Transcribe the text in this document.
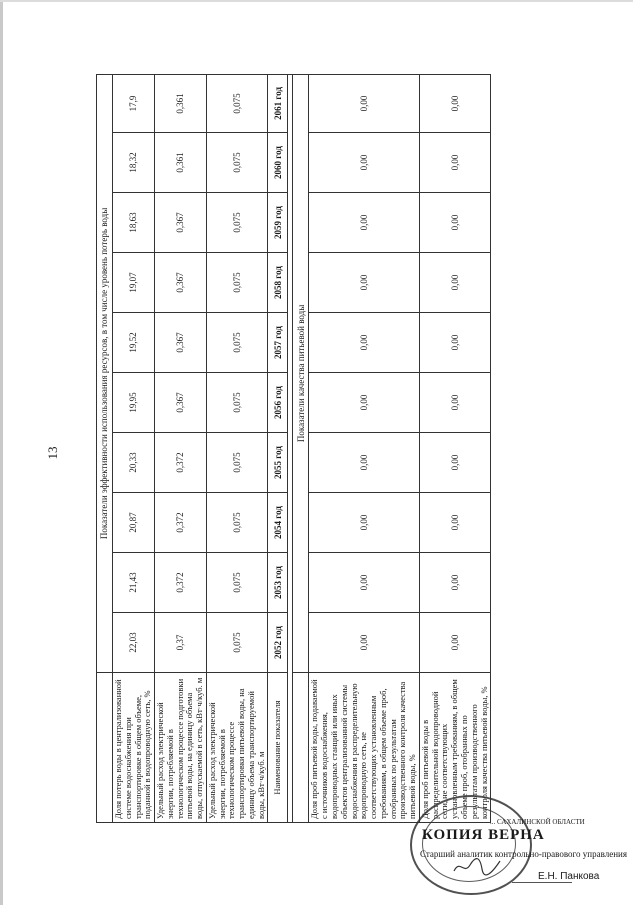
13
		Показатели эффективности использования ресурсов, в том числе уровень потерь воды									
Доля потерь воды в централизованной системе водоснабжения при транспортировке в общем объеме, поданной в водопроводную сеть, %	22,03	21,43	20,87	20,33	19,95	19,52	19,07	18,63	18,32	17,9
Удельный расход электрической энергии, потребляемой в технологическом процессе подготовки питьевой воды, на единицу объема воды, отпускаемой в сеть, кВт·ч/куб. м	0,37	0,372	0,372	0,372	0,367	0,367	0,367	0,367	0,361	0,361
Удельный расход электрической энергии, потребляемой в технологическом процессе транспортировки питьевой воды, на единицу объема транспортируемой воды, кВт·ч/куб. м	0,075	0,075	0,075	0,075	0,075	0,075	0,075	0,075	0,075	0,075
Наименование показателя	2052 год	2053 год	2054 год	2055 год	2056 год	2057 год	2058 год	2059 год	2060 год	2061 год

	Показатели качества питьевой воды									
Доля проб питьевой воды, подаваемой с источников водоснабжения, водопроводных станций или иных объектов централизованной системы водоснабжения в распределительную водопроводную сеть, не соответствующих установленным требованиям, в общем объеме проб, отобранных по результатам производственного контроля качества питьевой воды, %	0,00	0,00	0,00	0,00	0,00	0,00	0,00	0,00	0,00	0,00
Доля проб питьевой воды в распределительной водопроводной сети, не соответствующих установленным требованиям, в общем объеме проб, отобранных по результатам производственного контроля качества питьевой воды, %	0,00	0,00	0,00	0,00	0,00	0,00	0,00	0,00	0,00	0,00
... САХАЛИНСКОЙ ОБЛАСТИ
КОПИЯ ВЕРНА
Старший аналитик контрольно-правового управления
Е.Н. Панкова
